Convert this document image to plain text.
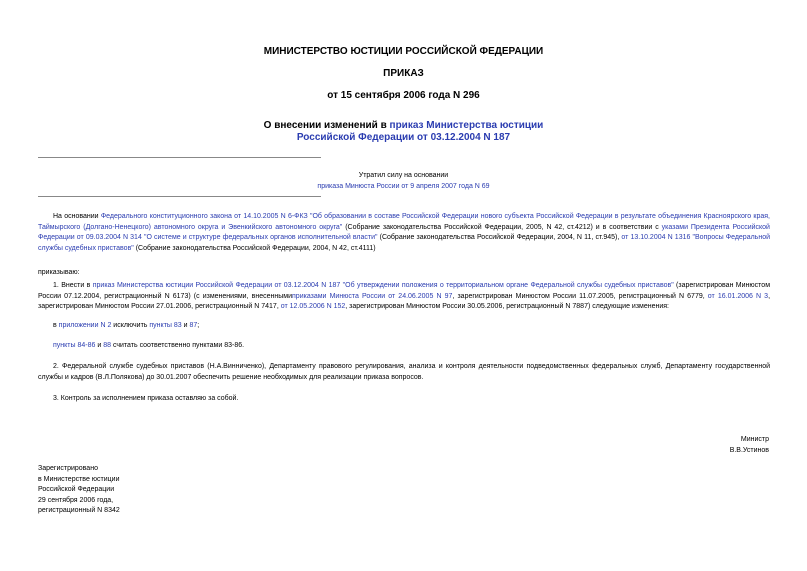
МИНИСТЕРСТВО ЮСТИЦИИ РОССИЙСКОЙ ФЕДЕРАЦИИ
ПРИКАЗ
от 15 сентября 2006 года N 296
О внесении изменений в приказ Министерства юстиции
Российской Федерации от 03.12.2004 N 187
Утратил силу на основании
приказа Минюста России от 9 апреля 2007 года N 69
На основании Федерального конституционного закона от 14.10.2005 N 6-ФКЗ "Об образовании в составе Российской Федерации нового субъекта Российской Федерации в результате объединения Красноярского края, Таймырского (Долгано-Ненецкого) автономного округа и Эвенкийского автономного округа" (Собрание законодательства Российской Федерации, 2005, N 42, ст.4212) и в соответствии с указами Президента Российской Федерации от 09.03.2004 N 314 "О системе и структуре федеральных органов исполнительной власти" (Собрание законодательства Российской Федерации, 2004, N 11, ст.945), от 13.10.2004 N 1316 "Вопросы Федеральной службы судебных приставов" (Собрание законодательства Российской Федерации, 2004, N 42, ст.4111)
приказываю:
1. Внести в приказ Министерства юстиции Российской Федерации от 03.12.2004 N 187 "Об утверждении положения о территориальном органе Федеральной службы судебных приставов" (зарегистрирован Минюстом России 07.12.2004, регистрационный N 6173) (с изменениями, внесеннымиприказами Минюста России от 24.06.2005 N 97, зарегистрирован Минюстом России 11.07.2005, регистрационный N 6779, от 16.01.2006 N 3, зарегистрирован Минюстом России 27.01.2006, регистрационный N 7417, от 12.05.2006 N 152, зарегистрирован Минюстом России 30.05.2006, регистрационный N 7887) следующие изменения:
в приложении N 2 исключить пункты 83 и 87;
пункты 84-86 и 88 считать соответственно пунктами 83-86.
2. Федеральной службе судебных приставов (Н.А.Винниченко), Департаменту правового регулирования, анализа и контроля деятельности подведомственных федеральных служб, Департаменту государственной службы и кадров (В.Л.Полякова) до 30.01.2007 обеспечить решение необходимых для реализации приказа вопросов.
3. Контроль за исполнением приказа оставляю за собой.
Министр
В.В.Устинов
Зарегистрировано
в Министерстве юстиции
Российской Федерации
29 сентября 2006 года,
регистрационный N 8342
